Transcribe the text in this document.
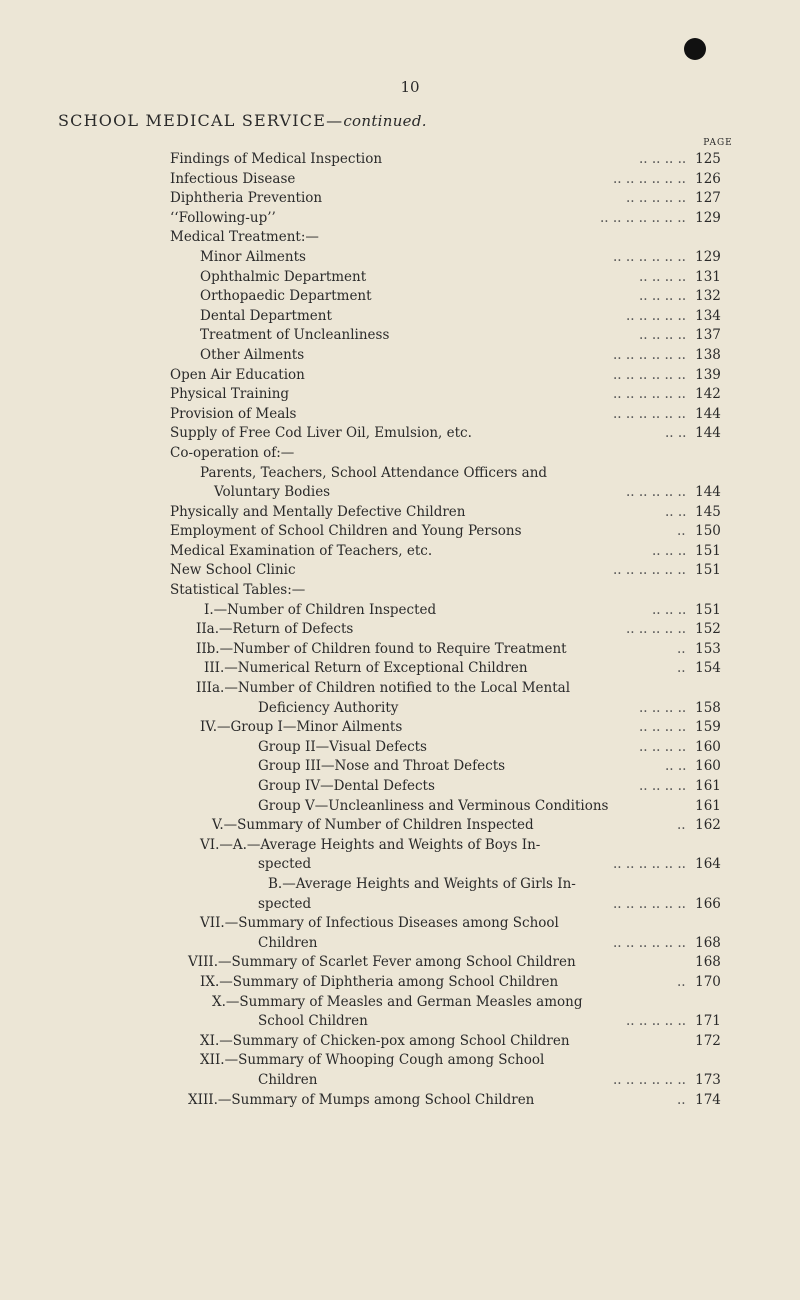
10
SCHOOL MEDICAL SERVICE—continued.
PAGE
Findings of Medical Inspection	.. .. .. .. 125
Infectious Disease	.. .. .. .. .. .. 126
Diphtheria Prevention	.. .. .. .. .. 127
‘‘Following-up’’	.. .. .. .. .. .. .. 129
Medical Treatment:—
Minor Ailments	.. .. .. .. .. .. 129
Ophthalmic Department	.. .. .. .. 131
Orthopaedic Department	.. .. .. .. 132
Dental Department	.. .. .. .. .. 134
Treatment of Uncleanliness	.. .. .. .. 137
Other Ailments	.. .. .. .. .. .. 138
Open Air Education	.. .. .. .. .. .. 139
Physical Training	.. .. .. .. .. .. 142
Provision of Meals	.. .. .. .. .. .. 144
Supply of Free Cod Liver Oil, Emulsion, etc.	.. .. 144
Co-operation of:—
Parents, Teachers, School Attendance Officers and
Voluntary Bodies	.. .. .. .. .. 144
Physically and Mentally Defective Children	.. .. 145
Employment of School Children and Young Persons	.. 150
Medical Examination of Teachers, etc.	.. .. .. 151
New School Clinic	.. .. .. .. .. .. 151
Statistical Tables:—
I.—Number of Children Inspected	.. .. .. 151
IIa.—Return of Defects	.. .. .. .. .. 152
IIb.—Number of Children found to Require Treatment	.. 153
III.—Numerical Return of Exceptional Children	.. 154
IIIa.—Number of Children notified to the Local Mental
Deficiency Authority	.. .. .. .. 158
IV.—Group I—Minor Ailments	.. .. .. .. 159
Group II—Visual Defects	.. .. .. .. 160
Group III—Nose and Throat Defects	.. .. 160
Group IV—Dental Defects	.. .. .. .. 161
Group V—Uncleanliness and Verminous Conditions	161
V.—Summary of Number of Children Inspected	.. 162
VI.—A.—Average Heights and Weights of Boys In-
spected	.. .. .. .. .. .. 164
B.—Average Heights and Weights of Girls In-
spected	.. .. .. .. .. .. 166
VII.—Summary of Infectious Diseases among School
Children	.. .. .. .. .. .. 168
VIII.—Summary of Scarlet Fever among School Children	168
IX.—Summary of Diphtheria among School Children	.. 170
X.—Summary of Measles and German Measles among
School Children	.. .. .. .. .. 171
XI.—Summary of Chicken-pox among School Children	172
XII.—Summary of Whooping Cough among School
Children	.. .. .. .. .. .. 173
XIII.—Summary of Mumps among School Children	.. 174
